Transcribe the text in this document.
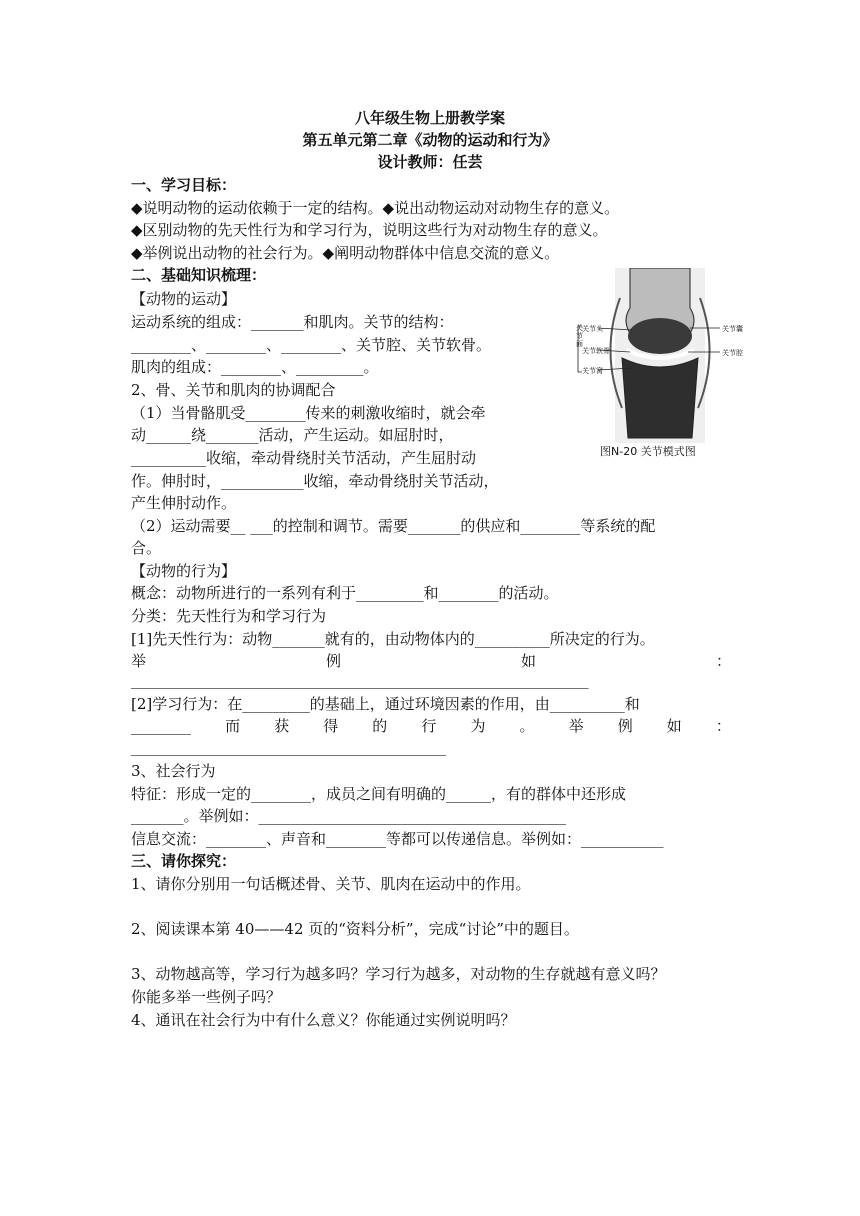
八年级生物上册教学案
第五单元第二章《动物的运动和行为》
设计教师：任芸
一、学习目标：
◆说明动物的运动依赖于一定的结构。◆说出动物运动对动物生存的意义。
◆区别动物的先天性行为和学习行为，说明这些行为对动物生存的意义。
◆举例说出动物的社会行为。◆阐明动物群体中信息交流的意义。
二、基础知识梳理：
【动物的运动】
运动系统的组成：_______和肌肉。关节的结构：
________、________、________、关节腔、关节软骨。
肌肉的组成：________、_________。
2、骨、关节和肌肉的协调配合
（1）当骨骼肌受________传来的刺激收缩时，就会牵
动______绕_______活动，产生运动。如屈肘时，
__________收缩，牵动骨绕肘关节活动，产生屈肘动
作。伸肘时，___________收缩，牵动骨绕肘关节活动，
产生伸肘动作。
（2）运动需要__ ___的控制和调节。需要_______的供应和________等系统的配
合。
【动物的行为】
概念：动物所进行的一系列有利于_________和________的活动。
分类：先天性行为和学习行为
[1]先天性行为：动物_______就有的，由动物体内的__________所决定的行为。
举	例	如	：
_____________________________________________________________
[2]学习行为：在_________的基础上，通过环境因素的作用，由__________和
________ 而 获 得 的 行 为 。 举 例 如 ：
__________________________________________
3、社会行为
特征：形成一定的________，成员之间有明确的______，有的群体中还形成
_______。举例如：_________________________________________
信息交流：________、声音和________等都可以传递信息。举例如：___________
三、请你探究：
1、请你分别用一句话概述骨、关节、肌肉在运动中的作用。
2、阅读课本第 40——42 页的“资料分析”，完成“讨论”中的题目。
3、动物越高等，学习行为越多吗？学习行为越多，对动物的生存就越有意义吗？
你能多举一些例子吗？
4、通讯在社会行为中有什么意义？你能通过实例说明吗？
关节面
关节头
关节软骨
关节窝
关节囊
关节腔
图N-20 关节模式图
